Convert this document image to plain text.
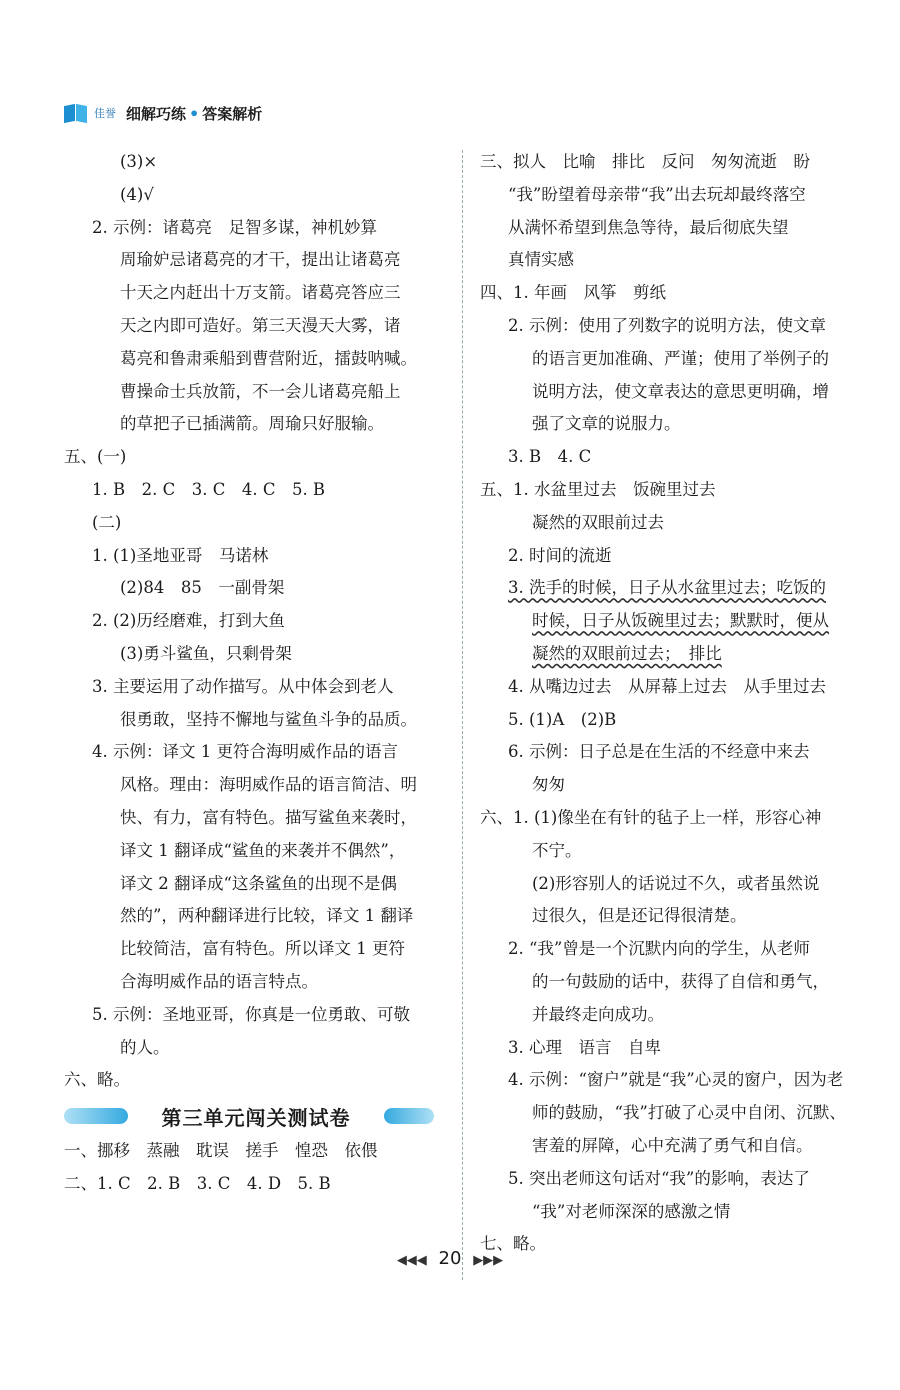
佳誉 细解巧练 • 答案解析
(3)×
(4)√
2. 示例：诸葛亮　足智多谋，神机妙算
周瑜妒忌诸葛亮的才干，提出让诸葛亮
十天之内赶出十万支箭。诸葛亮答应三
天之内即可造好。第三天漫天大雾，诸
葛亮和鲁肃乘船到曹营附近，擂鼓呐喊。
曹操命士兵放箭，不一会儿诸葛亮船上
的草把子已插满箭。周瑜只好服输。
五、(一)
1. B　2. C　3. C　4. C　5. B
(二)
1. (1)圣地亚哥　马诺林
(2)84　85　一副骨架
2. (2)历经磨难，打到大鱼
(3)勇斗鲨鱼，只剩骨架
3. 主要运用了动作描写。从中体会到老人
很勇敢，坚持不懈地与鲨鱼斗争的品质。
4. 示例：译文 1 更符合海明威作品的语言
风格。理由：海明威作品的语言简洁、明
快、有力，富有特色。描写鲨鱼来袭时，
译文 1 翻译成“鲨鱼的来袭并不偶然”，
译文 2 翻译成“这条鲨鱼的出现不是偶
然的”，两种翻译进行比较，译文 1 翻译
比较简洁，富有特色。所以译文 1 更符
合海明威作品的语言特点。
5. 示例：圣地亚哥，你真是一位勇敢、可敬
的人。
六、略。
第三单元闯关测试卷
一、挪移　蒸融　耽误　搓手　惶恐　依偎
二、1. C　2. B　3. C　4. D　5. B
三、拟人　比喻　排比　反问　匆匆流逝　盼
“我”盼望着母亲带“我”出去玩却最终落空
从满怀希望到焦急等待，最后彻底失望
真情实感
四、1. 年画　风筝　剪纸
2. 示例：使用了列数字的说明方法，使文章
的语言更加准确、严谨；使用了举例子的
说明方法，使文章表达的意思更明确，增
强了文章的说服力。
3. B　4. C
五、1. 水盆里过去　饭碗里过去
凝然的双眼前过去
2. 时间的流逝
3. 洗手的时候，日子从水盆里过去；吃饭的
时候，日子从饭碗里过去；默默时，便从
凝然的双眼前过去；　排比
4. 从嘴边过去　从屏幕上过去　从手里过去
5. (1)A　(2)B
6. 示例：日子总是在生活的不经意中来去
匆匆
六、1. (1)像坐在有针的毡子上一样，形容心神
不宁。
(2)形容别人的话说过不久，或者虽然说
过很久，但是还记得很清楚。
2. “我”曾是一个沉默内向的学生，从老师
的一句鼓励的话中，获得了自信和勇气，
并最终走向成功。
3. 心理　语言　自卑
4. 示例：“窗户”就是“我”心灵的窗户，因为老
师的鼓励，“我”打破了心灵中自闭、沉默、
害羞的屏障，心中充满了勇气和自信。
5. 突出老师这句话对“我”的影响，表达了
“我”对老师深深的感激之情
七、略。
◀◀◀ 20 ▶▶▶
